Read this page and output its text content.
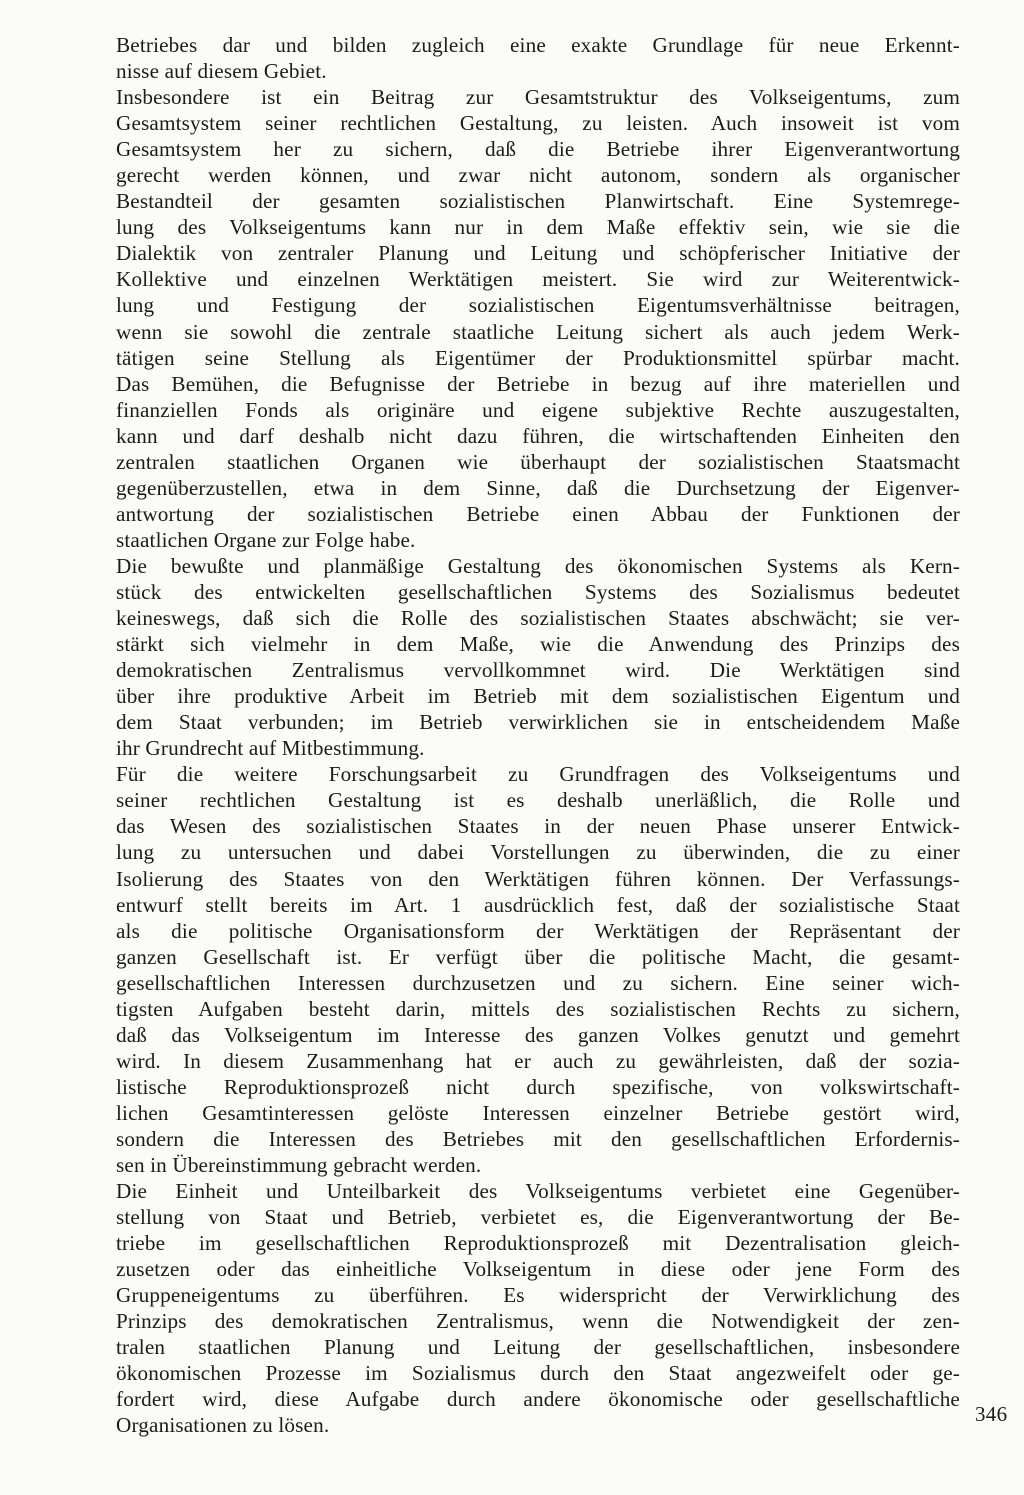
Betriebes dar und bilden zugleich eine exakte Grundlage für neue Erkennt-
nisse auf diesem Gebiet.
Insbesondere ist ein Beitrag zur Gesamtstruktur des Volkseigentums, zum
Gesamtsystem seiner rechtlichen Gestaltung, zu leisten. Auch insoweit ist vom
Gesamtsystem her zu sichern, daß die Betriebe ihrer Eigenverantwortung
gerecht werden können, und zwar nicht autonom, sondern als organischer
Bestandteil der gesamten sozialistischen Planwirtschaft. Eine Systemrege-
lung des Volkseigentums kann nur in dem Maße effektiv sein, wie sie die
Dialektik von zentraler Planung und Leitung und schöpferischer Initiative der
Kollektive und einzelnen Werktätigen meistert. Sie wird zur Weiterentwick-
lung und Festigung der sozialistischen Eigentumsverhältnisse beitragen,
wenn sie sowohl die zentrale staatliche Leitung sichert als auch jedem Werk-
tätigen seine Stellung als Eigentümer der Produktionsmittel spürbar macht.
Das Bemühen, die Befugnisse der Betriebe in bezug auf ihre materiellen und
finanziellen Fonds als originäre und eigene subjektive Rechte auszugestalten,
kann und darf deshalb nicht dazu führen, die wirtschaftenden Einheiten den
zentralen staatlichen Organen wie überhaupt der sozialistischen Staatsmacht
gegenüberzustellen, etwa in dem Sinne, daß die Durchsetzung der Eigenver-
antwortung der sozialistischen Betriebe einen Abbau der Funktionen der
staatlichen Organe zur Folge habe.
Die bewußte und planmäßige Gestaltung des ökonomischen Systems als Kern-
stück des entwickelten gesellschaftlichen Systems des Sozialismus bedeutet
keineswegs, daß sich die Rolle des sozialistischen Staates abschwächt; sie ver-
stärkt sich vielmehr in dem Maße, wie die Anwendung des Prinzips des
demokratischen Zentralismus vervollkommnet wird. Die Werktätigen sind
über ihre produktive Arbeit im Betrieb mit dem sozialistischen Eigentum und
dem Staat verbunden; im Betrieb verwirklichen sie in entscheidendem Maße
ihr Grundrecht auf Mitbestimmung.
Für die weitere Forschungsarbeit zu Grundfragen des Volkseigentums und
seiner rechtlichen Gestaltung ist es deshalb unerläßlich, die Rolle und
das Wesen des sozialistischen Staates in der neuen Phase unserer Entwick-
lung zu untersuchen und dabei Vorstellungen zu überwinden, die zu einer
Isolierung des Staates von den Werktätigen führen können. Der Verfassungs-
entwurf stellt bereits im Art. 1 ausdrücklich fest, daß der sozialistische Staat
als die politische Organisationsform der Werktätigen der Repräsentant der
ganzen Gesellschaft ist. Er verfügt über die politische Macht, die gesamt-
gesellschaftlichen Interessen durchzusetzen und zu sichern. Eine seiner wich-
tigsten Aufgaben besteht darin, mittels des sozialistischen Rechts zu sichern,
daß das Volkseigentum im Interesse des ganzen Volkes genutzt und gemehrt
wird. In diesem Zusammenhang hat er auch zu gewährleisten, daß der sozia-
listische Reproduktionsprozeß nicht durch spezifische, von volkswirtschaft-
lichen Gesamtinteressen gelöste Interessen einzelner Betriebe gestört wird,
sondern die Interessen des Betriebes mit den gesellschaftlichen Erfordernis-
sen in Übereinstimmung gebracht werden.
Die Einheit und Unteilbarkeit des Volkseigentums verbietet eine Gegenüber-
stellung von Staat und Betrieb, verbietet es, die Eigenverantwortung der Be-
triebe im gesellschaftlichen Reproduktionsprozeß mit Dezentralisation gleich-
zusetzen oder das einheitliche Volkseigentum in diese oder jene Form des
Gruppeneigentums zu überführen. Es widerspricht der Verwirklichung des
Prinzips des demokratischen Zentralismus, wenn die Notwendigkeit der zen-
tralen staatlichen Planung und Leitung der gesellschaftlichen, insbesondere
ökonomischen Prozesse im Sozialismus durch den Staat angezweifelt oder ge-
fordert wird, diese Aufgabe durch andere ökonomische oder gesellschaftliche
Organisationen zu lösen.	346
